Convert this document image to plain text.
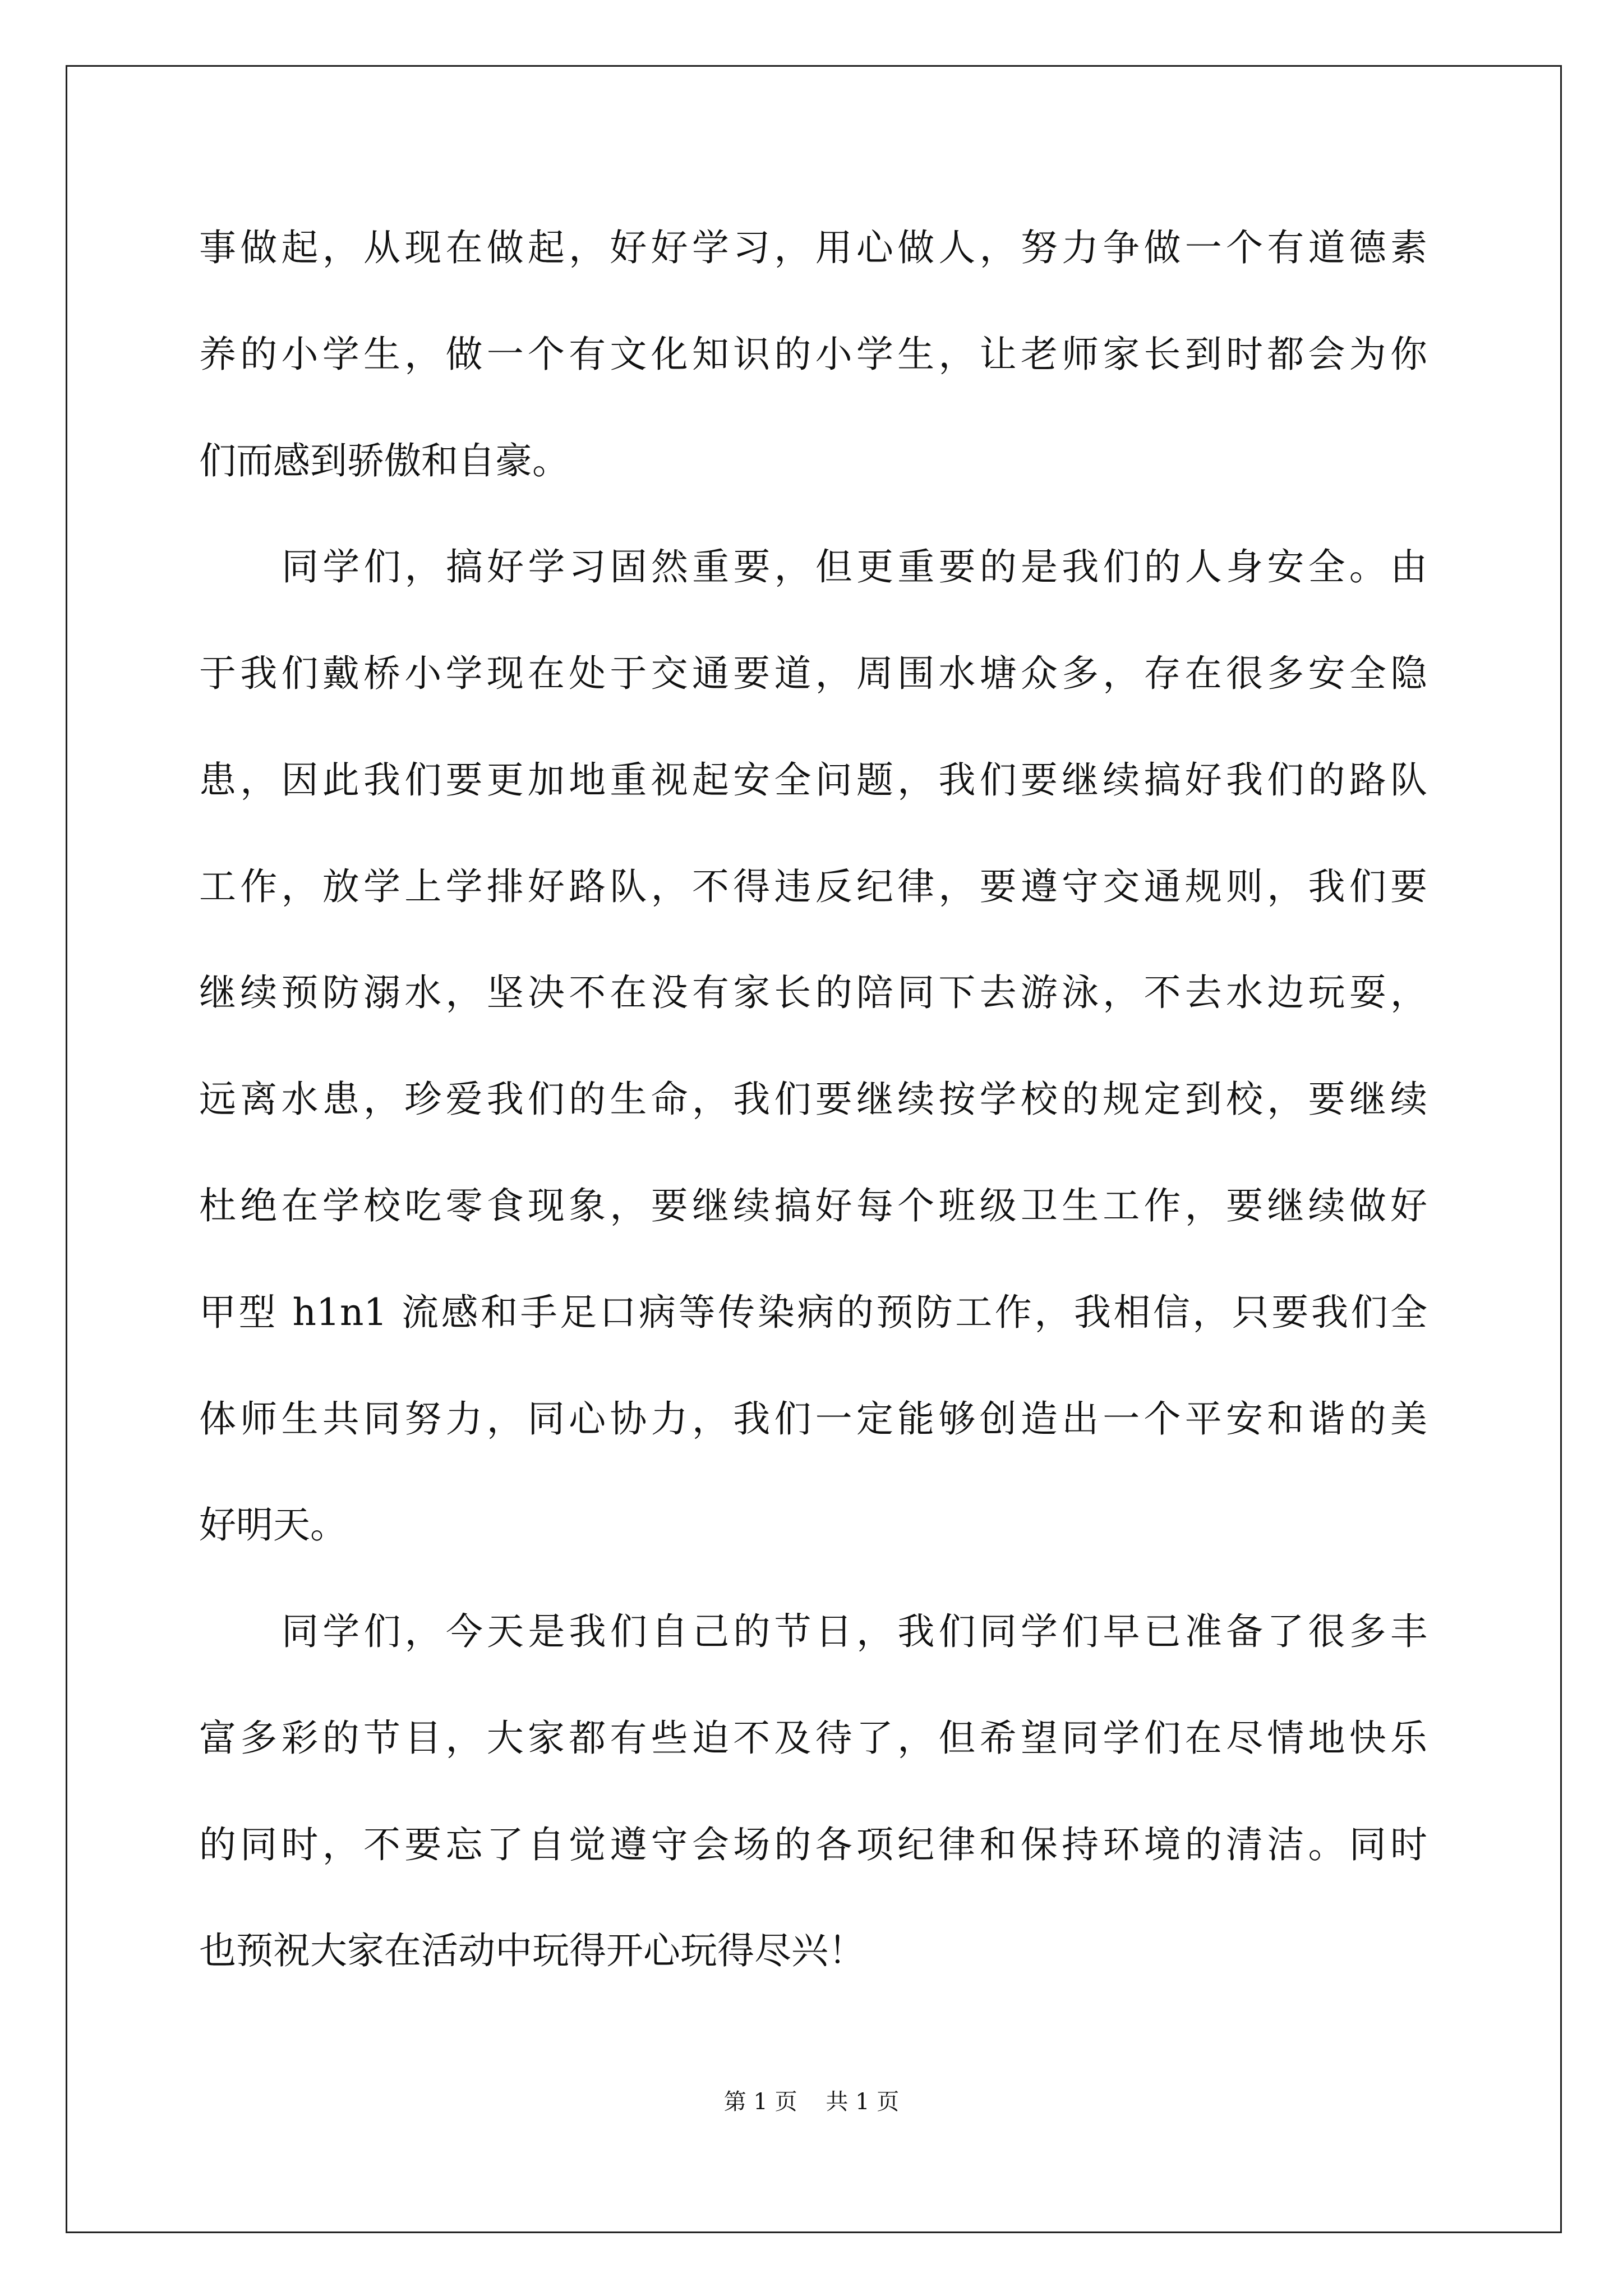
事做起，从现在做起，好好学习，用心做人，努力争做一个有道德素
养的小学生，做一个有文化知识的小学生，让老师家长到时都会为你
们而感到骄傲和自豪。
同学们，搞好学习固然重要，但更重要的是我们的人身安全。由
于我们戴桥小学现在处于交通要道，周围水塘众多，存在很多安全隐
患，因此我们要更加地重视起安全问题，我们要继续搞好我们的路队
工作，放学上学排好路队，不得违反纪律，要遵守交通规则，我们要
继续预防溺水，坚决不在没有家长的陪同下去游泳，不去水边玩耍，
远离水患，珍爱我们的生命，我们要继续按学校的规定到校，要继续
杜绝在学校吃零食现象，要继续搞好每个班级卫生工作，要继续做好
甲型 h1n1 流感和手足口病等传染病的预防工作，我相信，只要我们全
体师生共同努力，同心协力，我们一定能够创造出一个平安和谐的美
好明天。
同学们，今天是我们自己的节日，我们同学们早已准备了很多丰
富多彩的节目，大家都有些迫不及待了，但希望同学们在尽情地快乐
的同时，不要忘了自觉遵守会场的各项纪律和保持环境的清洁。同时
也预祝大家在活动中玩得开心玩得尽兴！
第 1 页    共 1 页
